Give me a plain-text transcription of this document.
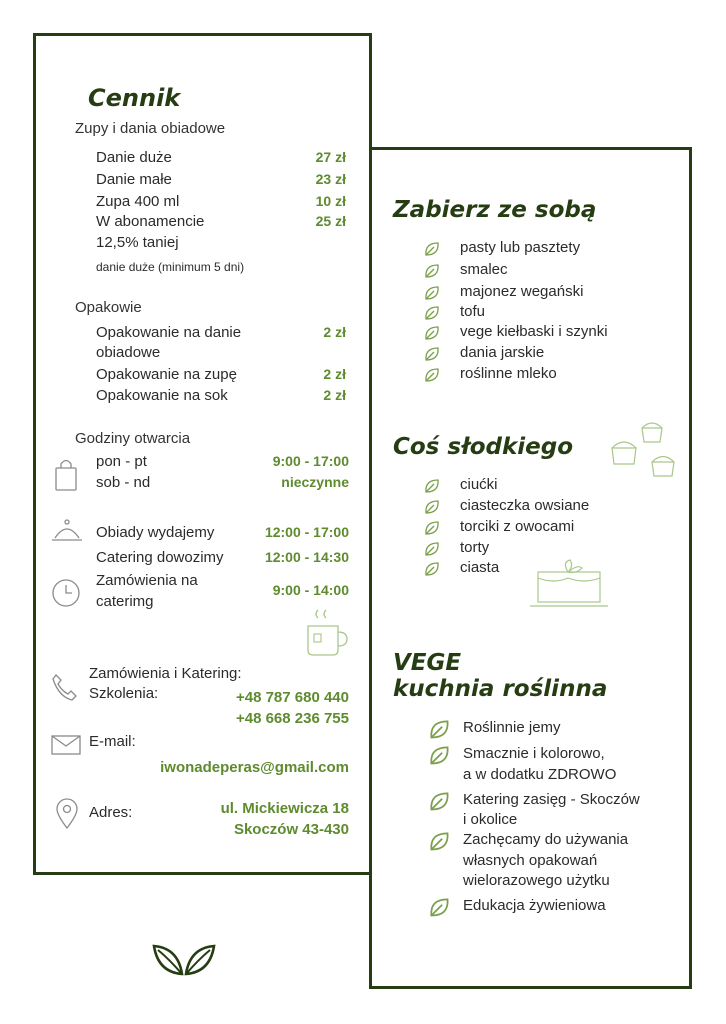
Cennik
Zupy i dania obiadowe
Danie duże	27 zł
Danie małe	23 zł
Zupa 400 ml	10 zł
W abonamencie	25 zł
12,5% taniej
danie duże (minimum 5 dni)
Opakowie
Opakowanie na danie
obiadowe
2 zł
Opakowanie na zupę	2 zł
Opakowanie na sok	2 zł
Godziny otwarcia
pon - pt	9:00 - 17:00
sob - nd	nieczynne
Obiady wydajemy	12:00 - 17:00
Catering dowozimy	12:00 - 14:30
Zamówienia na
caterimg
9:00 - 14:00
Zamówienia i Katering:
Szkolenia:	+48 787 680 440
+48 668 236 755
E-mail:
iwonadeperas@gmail.com
Adres:	ul. Mickiewicza 18
Skoczów 43-430
Zabierz ze sobą
pasty lub pasztety
smalec
majonez wegański
tofu
vege kiełbaski i szynki
dania jarskie
roślinne mleko
Coś słodkiego
ciućki
ciasteczka owsiane
torciki z owocami
torty
ciasta
VEGE
kuchnia roślinna
Roślinnie jemy
Smacznie i kolorowo,
a w dodatku ZDROWO
Katering zasięg - Skoczów
i okolice
Zachęcamy do używania
własnych opakowań
wielorazowego użytku
Edukacja żywieniowa
